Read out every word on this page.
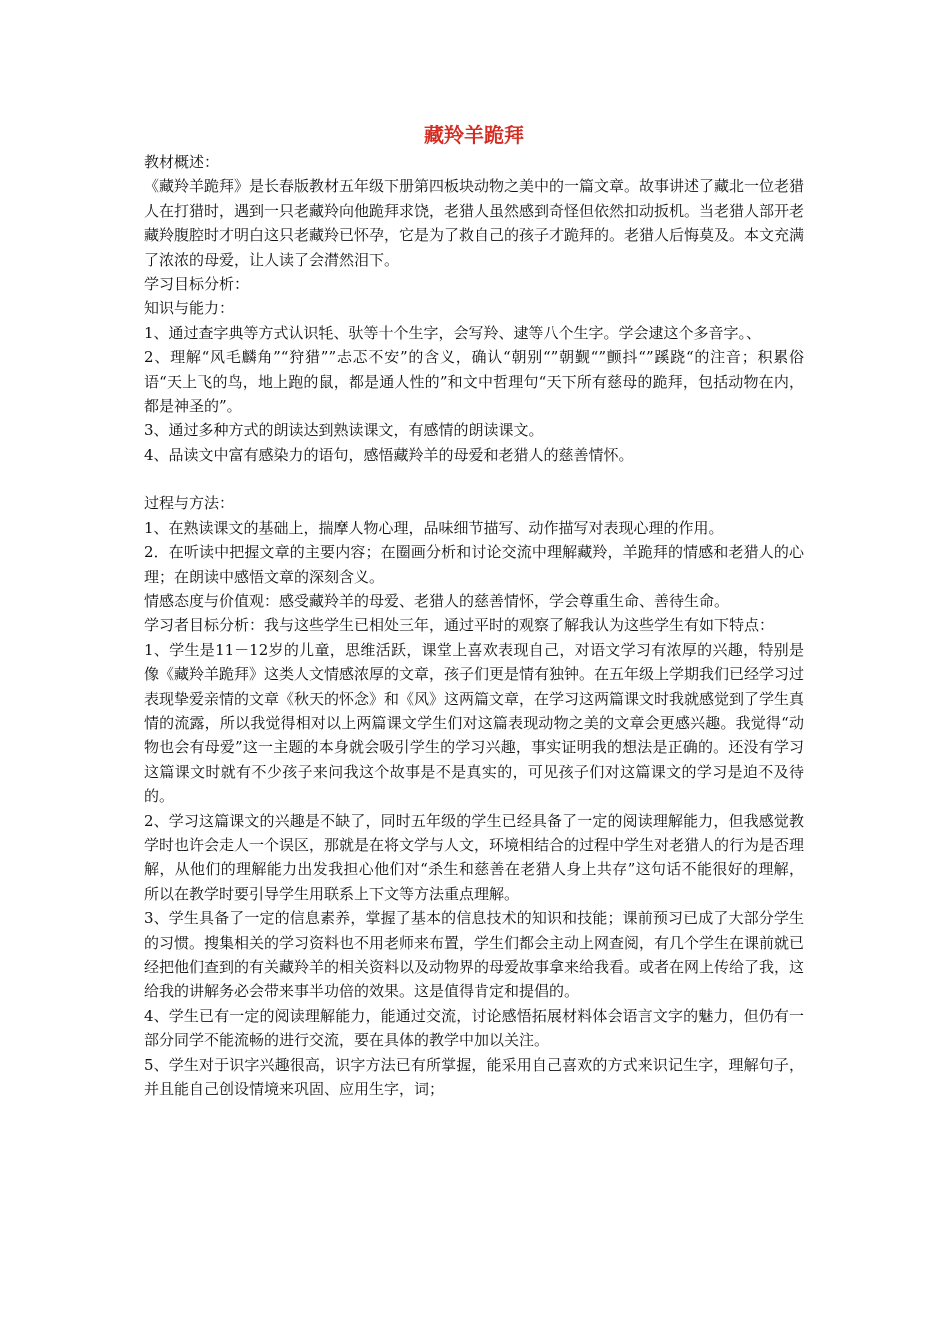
藏羚羊跪拜
教材概述：
《藏羚羊跪拜》是长春版教材五年级下册第四板块动物之美中的一篇文章。故事讲述了藏北一位老猎人在打猎时，遇到一只老藏羚向他跪拜求饶，老猎人虽然感到奇怪但依然扣动扳机。当老猎人部开老藏羚腹腔时才明白这只老藏羚已怀孕，它是为了救自己的孩子才跪拜的。老猎人后悔莫及。本文充满了浓浓的母爱，让人读了会潸然泪下。
学习目标分析：
知识与能力：
1、通过查字典等方式认识牦、驮等十个生字，会写羚、逮等八个生字。学会逮这个多音字。、
2、理解“风毛麟角”“狩猎””忐忑不安”的含义，确认“朝别“”朝觐“”颤抖“”蹊跷“的注音；积累俗语“天上飞的鸟，地上跑的鼠，都是通人性的”和文中哲理句“天下所有慈母的跪拜，包括动物在内，都是神圣的”。
3、通过多种方式的朗读达到熟读课文，有感情的朗读课文。
4、品读文中富有感染力的语句，感悟藏羚羊的母爱和老猎人的慈善情怀。
过程与方法：
1、在熟读课文的基础上，揣摩人物心理，品味细节描写、动作描写对表现心理的作用。
2．在听读中把握文章的主要内容；在圈画分析和讨论交流中理解藏羚，羊跪拜的情感和老猎人的心理；在朗读中感悟文章的深刻含义。
情感态度与价值观：感受藏羚羊的母爱、老猎人的慈善情怀，学会尊重生命、善待生命。
学习者目标分析：我与这些学生已相处三年，通过平时的观察了解我认为这些学生有如下特点：
1、学生是11－12岁的儿童，思维活跃，课堂上喜欢表现自己，对语文学习有浓厚的兴趣，特别是像《藏羚羊跪拜》这类人文情感浓厚的文章，孩子们更是情有独钟。在五年级上学期我们已经学习过表现挚爱亲情的文章《秋天的怀念》和《风》这两篇文章，在学习这两篇课文时我就感觉到了学生真情的流露，所以我觉得相对以上两篇课文学生们对这篇表现动物之美的文章会更感兴趣。我觉得“动物也会有母爱”这一主题的本身就会吸引学生的学习兴趣，事实证明我的想法是正确的。还没有学习这篇课文时就有不少孩子来问我这个故事是不是真实的，可见孩子们对这篇课文的学习是迫不及待的。
2、学习这篇课文的兴趣是不缺了，同时五年级的学生已经具备了一定的阅读理解能力，但我感觉教学时也许会走人一个误区，那就是在将文学与人文，环境相结合的过程中学生对老猎人的行为是否理解，从他们的理解能力出发我担心他们对“杀生和慈善在老猎人身上共存”这句话不能很好的理解，所以在教学时要引导学生用联系上下文等方法重点理解。
3、学生具备了一定的信息素养，掌握了基本的信息技术的知识和技能；课前预习已成了大部分学生的习惯。搜集相关的学习资料也不用老师来布置，学生们都会主动上网查阅，有几个学生在课前就已经把他们查到的有关藏羚羊的相关资料以及动物界的母爱故事拿来给我看。或者在网上传给了我，这给我的讲解务必会带来事半功倍的效果。这是值得肯定和提倡的。
4、学生已有一定的阅读理解能力，能通过交流，讨论感悟拓展材料体会语言文字的魅力，但仍有一部分同学不能流畅的进行交流，要在具体的教学中加以关注。
5、学生对于识字兴趣很高，识字方法已有所掌握，能采用自己喜欢的方式来识记生字，理解句子，并且能自己创设情境来巩固、应用生字，词；
